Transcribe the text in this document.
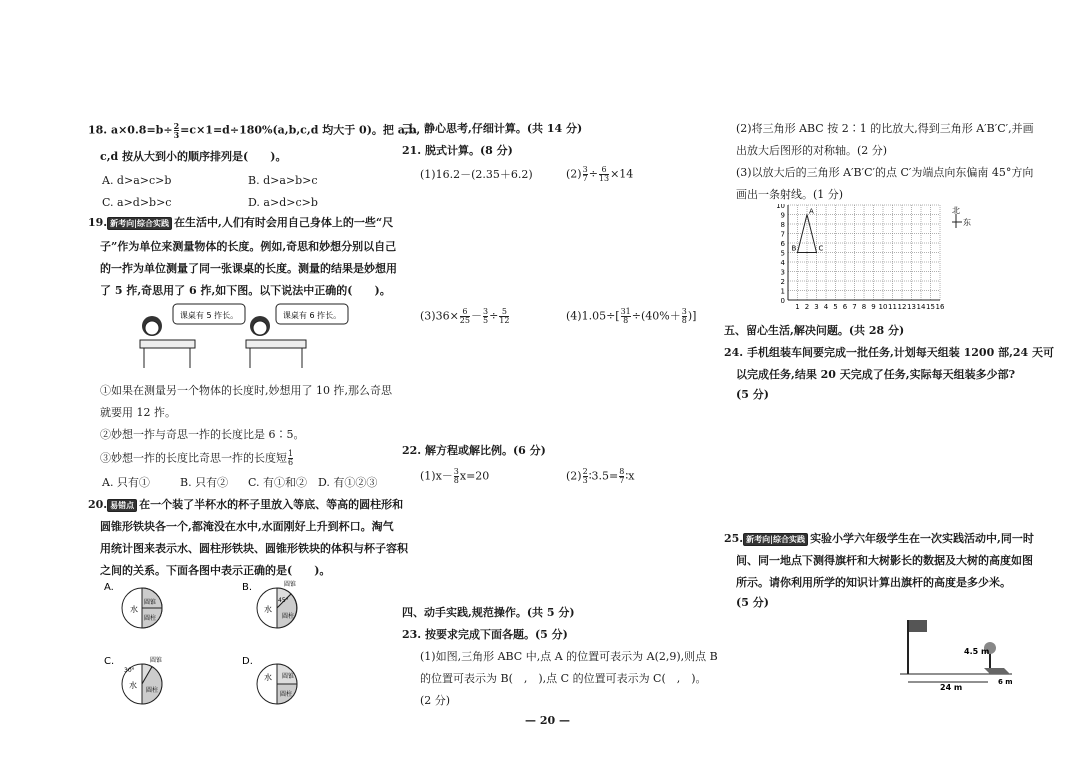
18. $a\times 0.8=b\div \frac{2}{3} =c\times 1=d\div 180\%(a,b,c,d$ 均大于 0)。把 a,b,
c,d 按从大到小的顺序排列是(　　)。
A. d>a>c>b	B. d>a>b>c
C. a>d>b>c	D. a>d>c>b
19. 新考向|综合实践 在生活中,人们有时会用自己身体上的一些“尺
子”作为单位来测量物体的长度。例如,奇思和妙想分别以自己
的一拃为单位测量了同一张课桌的长度。测量的结果是妙想用
了 5 拃,奇思用了 6 拃,如下图。以下说法中正确的(　　)。
课桌有 5 拃长。	课桌有 6 拃长。
①如果在测量另一个物体的长度时,妙想用了 10 拃,那么奇思
就要用 12 拃。
②妙想一拃与奇思一拃的长度比是 6∶5。
③妙想一拃的长度比奇思一拃的长度短 $\frac{1}{6}$
A. 只有①	B. 只有② C. 有①和② D. 有①②③
20. 易错点 在一个装了半杯水的杯子里放入等底、等高的圆柱形和
圆锥形铁块各一个,都淹没在水中,水面刚好上升到杯口。淘气
用统计图来表示水、圆柱形铁块、圆锥形铁块的体积与杯子容积
之间的关系。下面各图中表示正确的是(　　)。
A.
水
圆锥
圆柱
B.
水
圆锥
45°
圆柱
C.
水
圆锥
30°
圆柱
D.
水 圆锥
圆柱
三、静心思考,仔细计算。(共 14 分)
21. 脱式计算。(8 分)
(1)16.2－(2.35＋6.2)	$(2) \frac{3}{7} \div \frac{6}{13} \times 14$
$(3)36\times \frac{6}{25} - \frac{3}{5} \div \frac{5}{12}$	$(4)1.05\div[ \frac{31}{8} \div(40\%+ \frac{3}{8}$ )]
22. 解方程或解比例。(6 分)
$(1)x- \frac{3}{8} x=20$	$(2) \frac{2}{3}$ ∶3.5= $\frac{8}{7}$ ∶x
四、动手实践,规范操作。(共 5 分)
23. 按要求完成下面各题。(5 分)
(1)如图,三角形 ABC 中,点 A 的位置可表示为 A(2,9),则点 B
的位置可表示为 B(　,　),点 C 的位置可表示为 C(　,　)。
(2 分)
(2)将三角形 ABC 按 2∶1 的比放大,得到三角形 A′B′C′,并画
出放大后图形的对称轴。(2 分)
(3)以放大后的三角形 A′B′C′的点 C′为端点向东偏南 45°方向
画出一条射线。(1 分)
1 2 3 4 5 6 7 8 9 10 11 12 13 14 15 16
0
1
2
3
4
5
6
7
8
9
10
A
B	C
北
东
五、留心生活,解决问题。(共 28 分)
24. 手机组装车间要完成一批任务,计划每天组装 1200 部,24 天可
以完成任务,结果 20 天完成了任务,实际每天组装多少部?
(5 分)
25. 新考向|综合实践 实验小学六年级学生在一次实践活动中,同一时
间、同一地点下测得旗杆和大树影长的数据及大树的高度如图
所示。请你利用所学的知识计算出旗杆的高度是多少米。
(5 分)
24 m
4.5 m
6 m
— 20 —
